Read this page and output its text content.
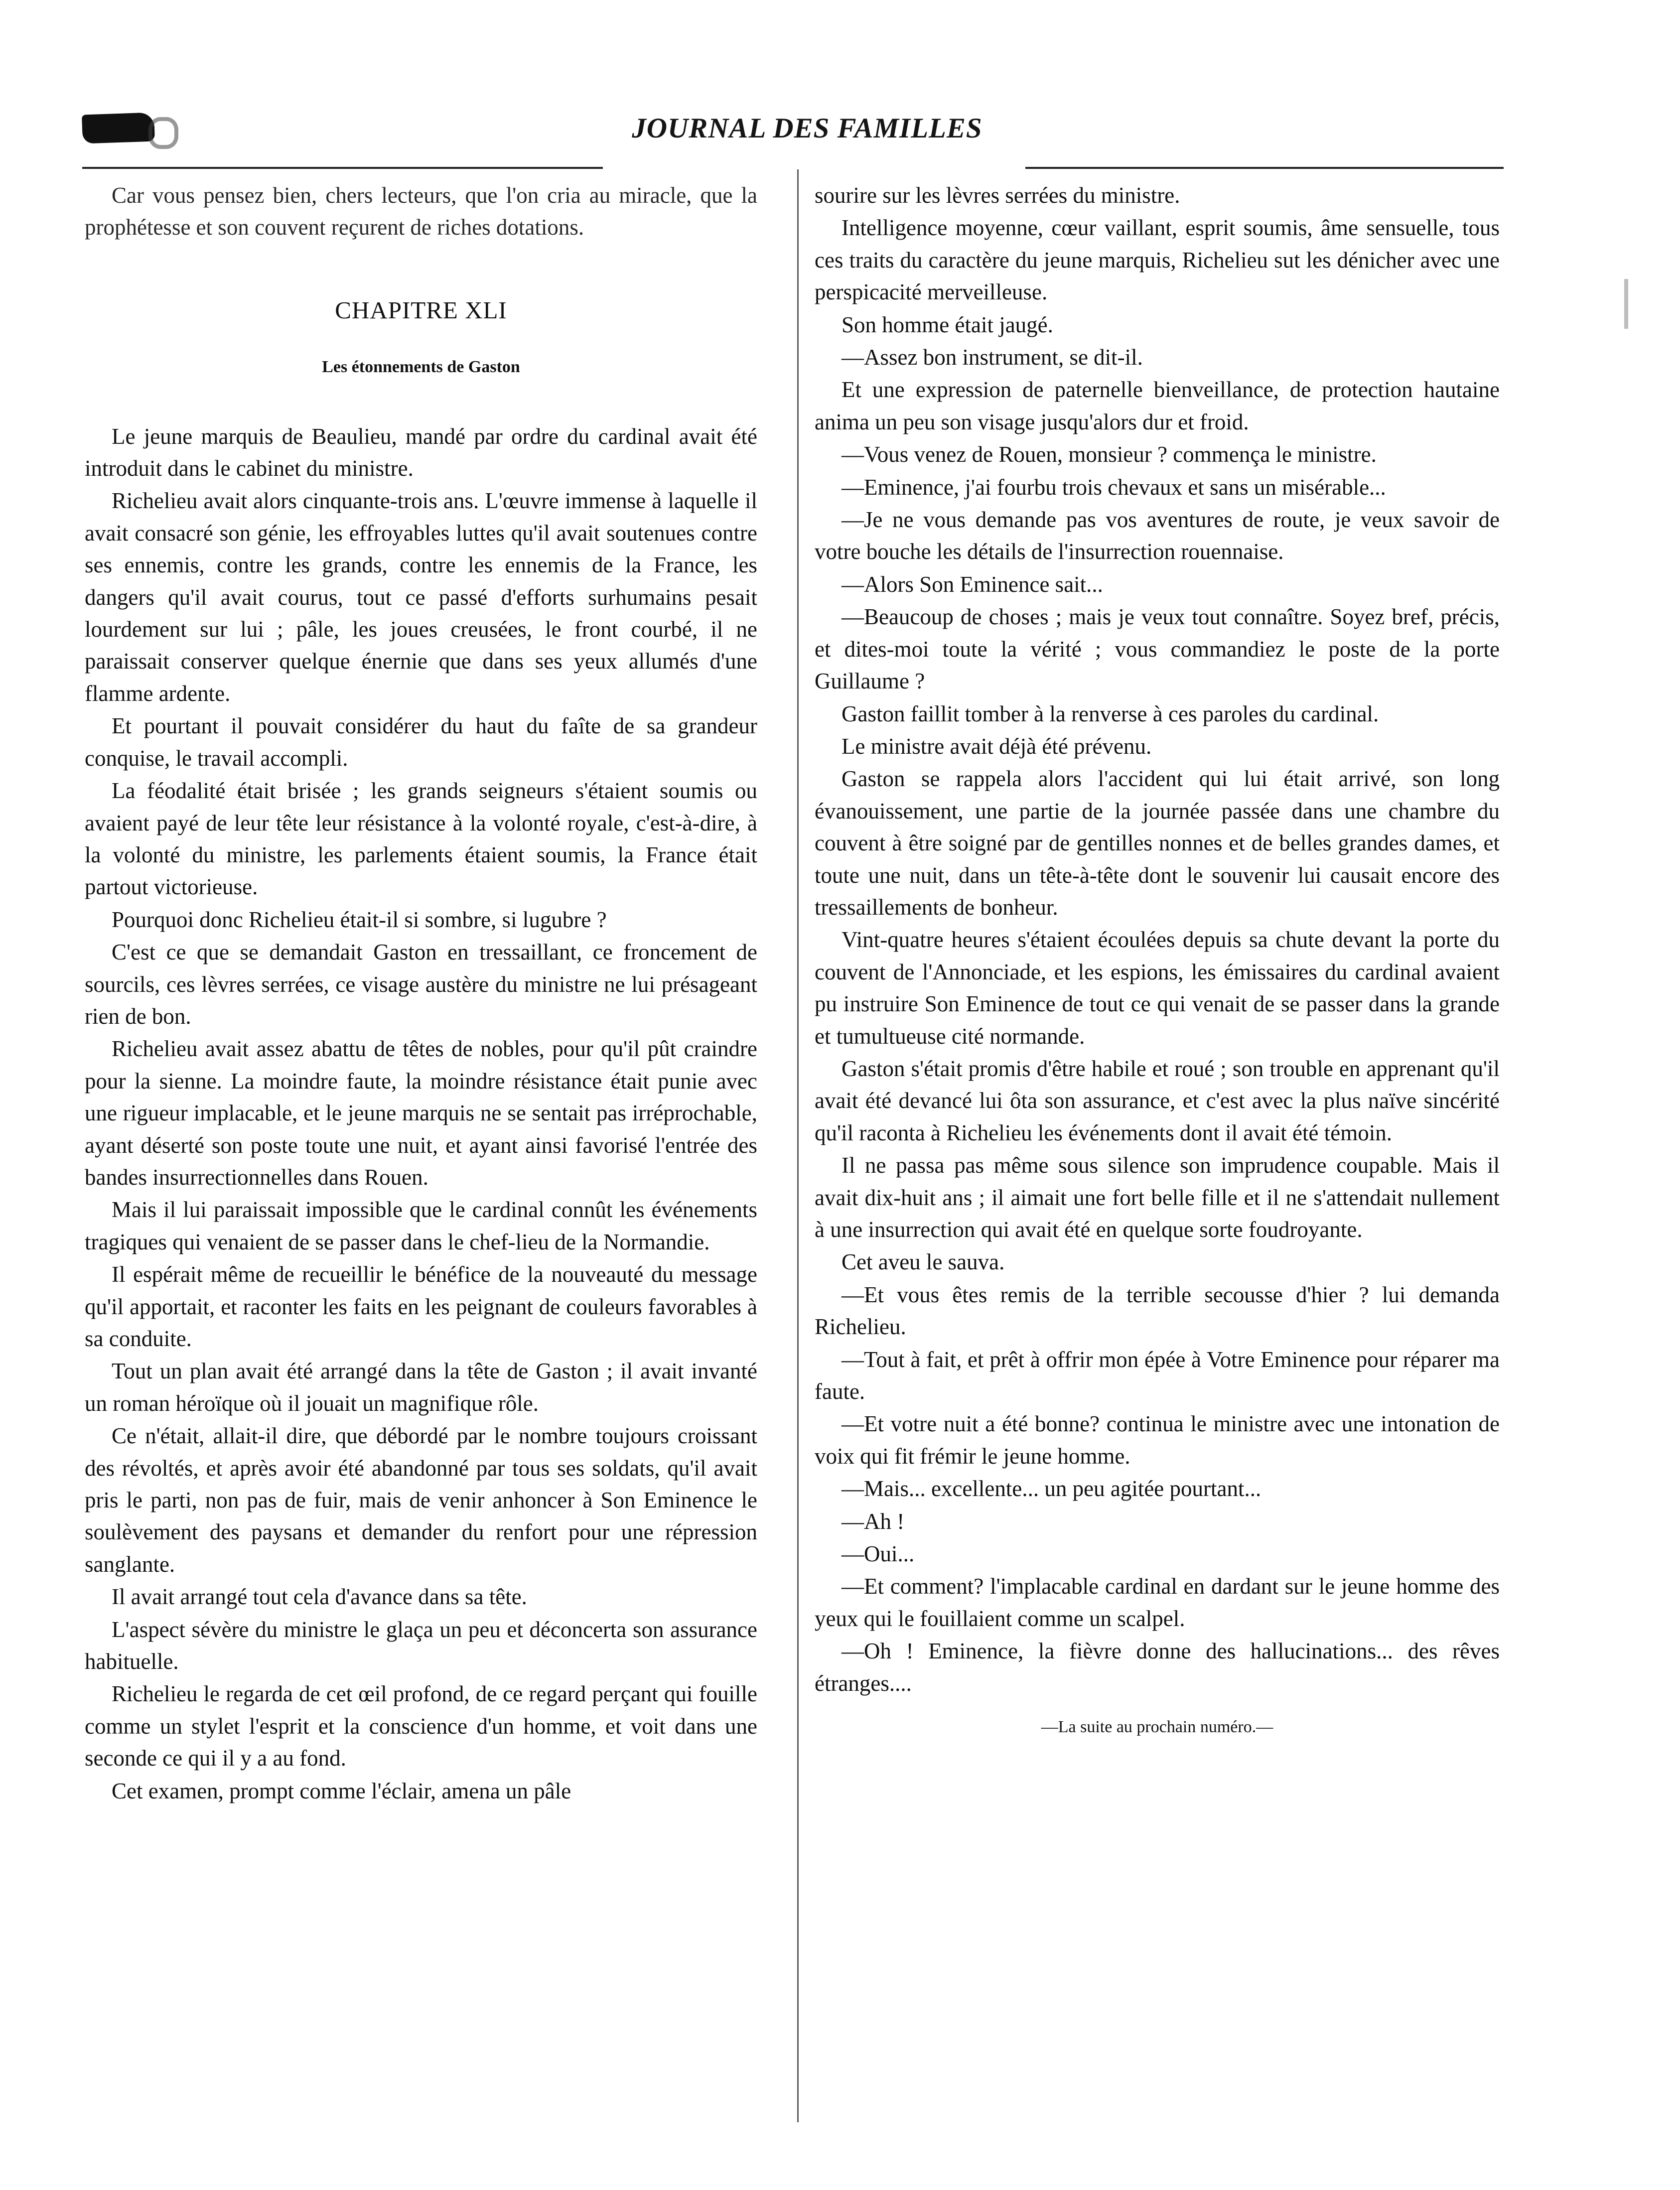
JOURNAL DES FAMILLES

Car vous pensez bien, chers lecteurs, que l'on cria au miracle, que la prophétesse et son couvent reçurent de riches dotations.

CHAPITRE XLI
Les étonnements de Gaston

Le jeune marquis de Beaulieu, mandé par ordre du cardinal avait été introduit dans le cabinet du ministre.

Richelieu avait alors cinquante-trois ans. L'œuvre immense à laquelle il avait consacré son génie, les effroyables luttes qu'il avait soutenues contre ses ennemis, contre les grands, contre les ennemis de la France, les dangers qu'il avait courus, tout ce passé d'efforts surhumains pesait lourdement sur lui ; pâle, les joues creusées, le front courbé, il ne paraissait conserver quelque énernie que dans ses yeux allumés d'une flamme ardente.

Et pourtant il pouvait considérer du haut du faîte de sa grandeur conquise, le travail accompli.

La féodalité était brisée ; les grands seigneurs s'étaient soumis ou avaient payé de leur tête leur résistance à la volonté royale, c'est-à-dire, à la volonté du ministre, les parlements étaient soumis, la France était partout victorieuse.

Pourquoi donc Richelieu était-il si sombre, si lugubre ?

C'est ce que se demandait Gaston en tressaillant, ce froncement de sourcils, ces lèvres serrées, ce visage austère du ministre ne lui présageant rien de bon.

Richelieu avait assez abattu de têtes de nobles, pour qu'il pût craindre pour la sienne. La moindre faute, la moindre résistance était punie avec une rigueur implacable, et le jeune marquis ne se sentait pas irréprochable, ayant déserté son poste toute une nuit, et ayant ainsi favorisé l'entrée des bandes insurrectionnelles dans Rouen.

Mais il lui paraissait impossible que le cardinal connût les événements tragiques qui venaient de se passer dans le chef-lieu de la Normandie.

Il espérait même de recueillir le bénéfice de la nouveauté du message qu'il apportait, et raconter les faits en les peignant de couleurs favorables à sa conduite.

Tout un plan avait été arrangé dans la tête de Gaston ; il avait invanté un roman héroïque où il jouait un magnifique rôle.

Ce n'était, allait-il dire, que débordé par le nombre toujours croissant des révoltés, et après avoir été abandonné par tous ses soldats, qu'il avait pris le parti, non pas de fuir, mais de venir anhoncer à Son Eminence le soulèvement des paysans et demander du renfort pour une répression sanglante.

Il avait arrangé tout cela d'avance dans sa tête.

L'aspect sévère du ministre le glaça un peu et déconcerta son assurance habituelle.

Richelieu le regarda de cet œil profond, de ce regard perçant qui fouille comme un stylet l'esprit et la conscience d'un homme, et voit dans une seconde ce qui il y a au fond.

Cet examen, prompt comme l'éclair, amena un pâle

sourire sur les lèvres serrées du ministre.

Intelligence moyenne, cœur vaillant, esprit soumis, âme sensuelle, tous ces traits du caractère du jeune marquis, Richelieu sut les dénicher avec une perspicacité merveilleuse.

Son homme était jaugé.

—Assez bon instrument, se dit-il.

Et une expression de paternelle bienveillance, de protection hautaine anima un peu son visage jusqu'alors dur et froid.

—Vous venez de Rouen, monsieur ? commença le ministre.

—Eminence, j'ai fourbu trois chevaux et sans un misérable...

—Je ne vous demande pas vos aventures de route, je veux savoir de votre bouche les détails de l'insurrection rouennaise.

—Alors Son Eminence sait...

—Beaucoup de choses ; mais je veux tout connaître. Soyez bref, précis, et dites-moi toute la vérité ; vous commandiez le poste de la porte Guillaume ?

Gaston faillit tomber à la renverse à ces paroles du cardinal.

Le ministre avait déjà été prévenu.

Gaston se rappela alors l'accident qui lui était arrivé, son long évanouissement, une partie de la journée passée dans une chambre du couvent à être soigné par de gentilles nonnes et de belles grandes dames, et toute une nuit, dans un tête-à-tête dont le souvenir lui causait encore des tressaillements de bonheur.

Vint-quatre heures s'étaient écoulées depuis sa chute devant la porte du couvent de l'Annonciade, et les espions, les émissaires du cardinal avaient pu instruire Son Eminence de tout ce qui venait de se passer dans la grande et tumultueuse cité normande.

Gaston s'était promis d'être habile et roué ; son trouble en apprenant qu'il avait été devancé lui ôta son assurance, et c'est avec la plus naïve sincérité qu'il raconta à Richelieu les événements dont il avait été témoin.

Il ne passa pas même sous silence son imprudence coupable. Mais il avait dix-huit ans ; il aimait une fort belle fille et il ne s'attendait nullement à une insurrection qui avait été en quelque sorte foudroyante.

Cet aveu le sauva.

—Et vous êtes remis de la terrible secousse d'hier ? lui demanda Richelieu.

—Tout à fait, et prêt à offrir mon épée à Votre Eminence pour réparer ma faute.

—Et votre nuit a été bonne? continua le ministre avec une intonation de voix qui fit frémir le jeune homme.

—Mais... excellente... un peu agitée pourtant...

—Ah !

—Oui...

—Et comment? l'implacable cardinal en dardant sur le jeune homme des yeux qui le fouillaient comme un scalpel.

—Oh ! Eminence, la fièvre donne des hallucinations... des rêves étranges....

—La suite au prochain numéro.—
